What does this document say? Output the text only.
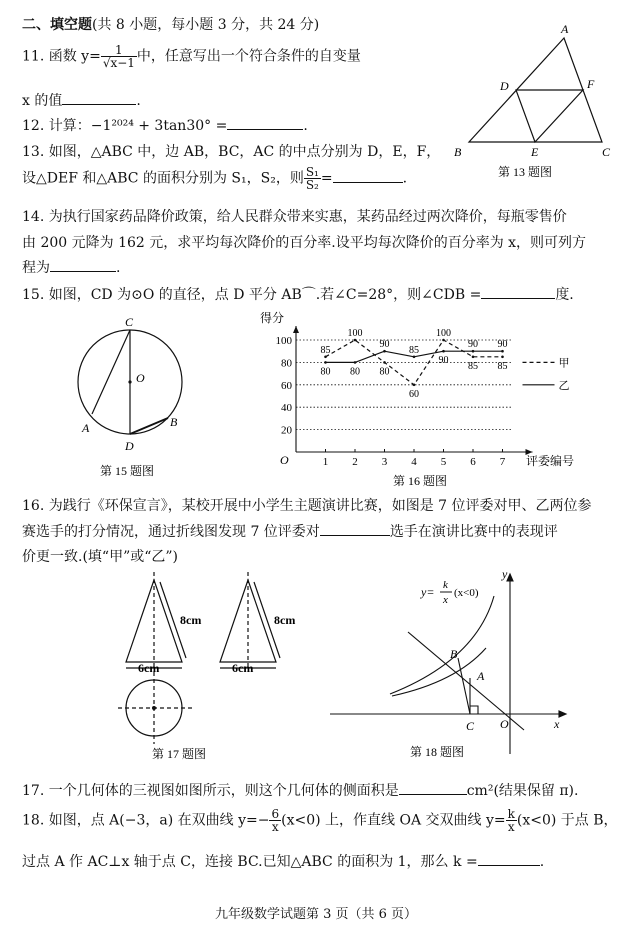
二、填空题(共 8 小题，每小题 3 分，共 24 分)
11. 函数 $y= \frac{1}{√x-1}$ 中，任意写出一个符合条件的自变量
x 的值	.
12. 计算：−1²⁰²⁴ + 3tan30° =	.
13. 如图，△ABC 中，边 AB，BC，AC 的中点分别为 D，E，F，
设△DEF 和△ABC 的面积分别为 S₁，S₂，则 $\frac{\text{S₁}}{\text{S₂}}$ =	.
A
B	C
D
E
F
第 13 题图
14. 为执行国家药品降价政策，给人民群众带来实惠，某药品经过两次降价，每瓶零售价
由 200 元降为 162 元，求平均每次降价的百分率.设平均每次降价的百分率为 x，则可列方
程为	.
15. 如图，CD 为⊙O 的直径，点 D 平分 AB⌒.若∠C=28°，则∠CDB =	度.
C
O
A	B
D
第 15 题图
20
40
60
80
100
1 2 3 4 5 6 7
85
100
80
60
100
85 85
80 80
90
85
90
90 90
甲
乙
得分
评委编号
O
第 16 题图
16. 为践行《环保宣言》，某校开展中小学生主题演讲比赛，如图是 7 位评委对甲、乙两位参
赛选手的打分情况，通过折线图发现 7 位评委对	选手在演讲比赛中的表现评
价更一致.(填“甲”或“乙”)
8cm	8cm
6cm	6cm
第 17 题图
y= k
x
(x<0)
y
x
O
B
A
C
第 18 题图
17. 一个几何体的三视图如图所示，则这个几何体的侧面积是	cm²(结果保留 π).
18. 如图，点 A(−3，a) 在双曲线 $y=- \frac{6}{x} (x<0)$ 上，作直线 OA 交双曲线 $y= \frac{k}{x} (x<0)$ 于点 B，
过点 A 作 AC⊥x 轴于点 C，连接 BC.已知△ABC 的面积为 1，那么 k =	.
九年级数学试题第 3 页（共 6 页）
